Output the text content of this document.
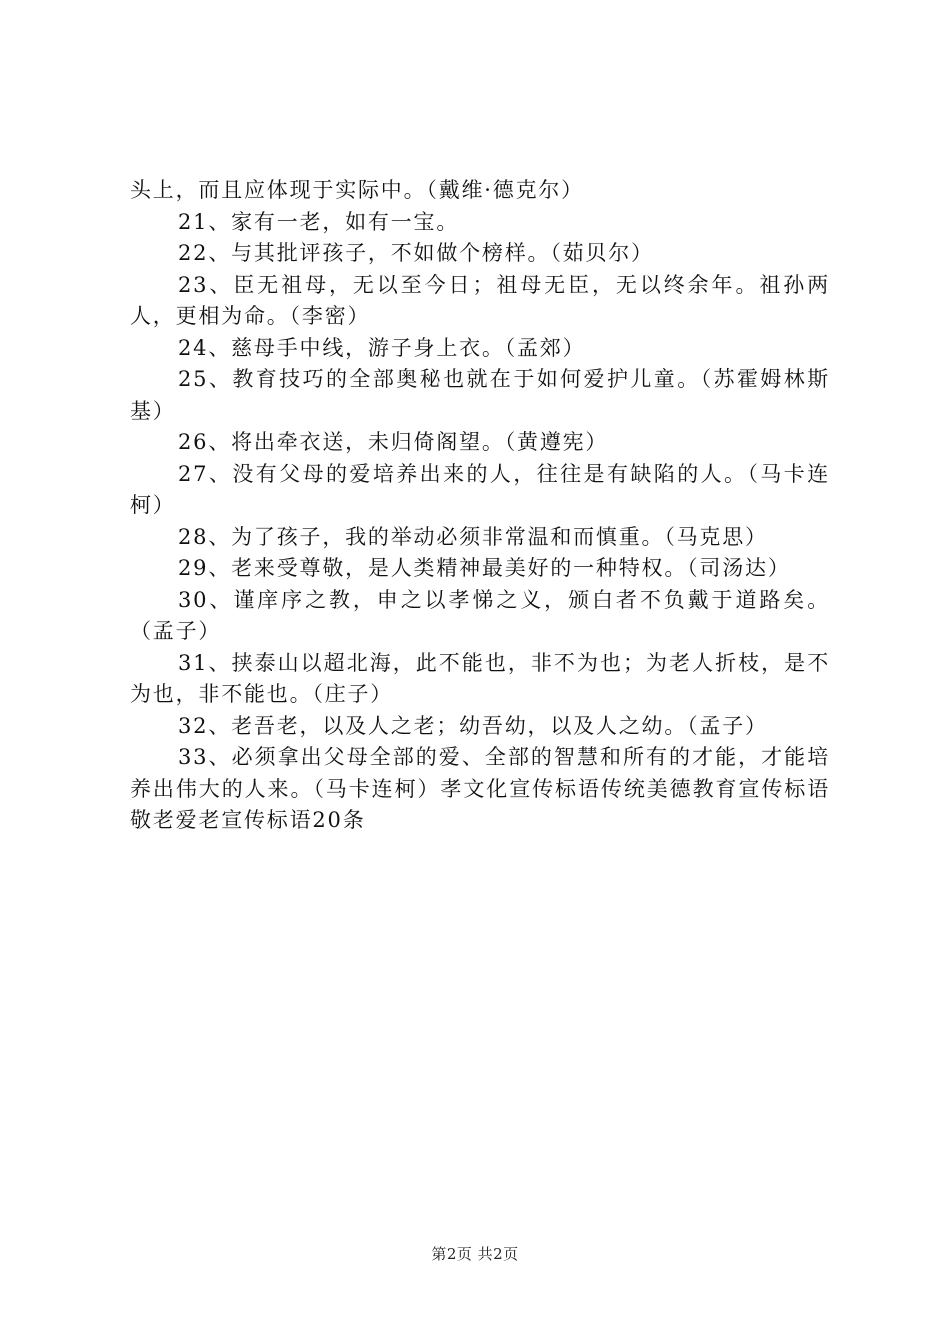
头上，而且应体现于实际中。（戴维·德克尔）

21、家有一老，如有一宝。

22、与其批评孩子，不如做个榜样。（茹贝尔）

23、臣无祖母，无以至今日；祖母无臣，无以终余年。祖孙两人，更相为命。（李密）

24、慈母手中线，游子身上衣。（孟郊）

25、教育技巧的全部奥秘也就在于如何爱护儿童。（苏霍姆林斯基）

26、将出牵衣送，未归倚阁望。（黄遵宪）

27、没有父母的爱培养出来的人，往往是有缺陷的人。（马卡连柯）

28、为了孩子，我的举动必须非常温和而慎重。（马克思）

29、老来受尊敬，是人类精神最美好的一种特权。（司汤达）

30、谨庠序之教，申之以孝悌之义，颁白者不负戴于道路矣。（孟子）

31、挟泰山以超北海，此不能也，非不为也；为老人折枝，是不为也，非不能也。（庄子）

32、老吾老，以及人之老；幼吾幼，以及人之幼。（孟子）

33、必须拿出父母全部的爱、全部的智慧和所有的才能，才能培养出伟大的人来。（马卡连柯）孝文化宣传标语传统美德教育宣传标语敬老爱老宣传标语20条

第2页 共2页
